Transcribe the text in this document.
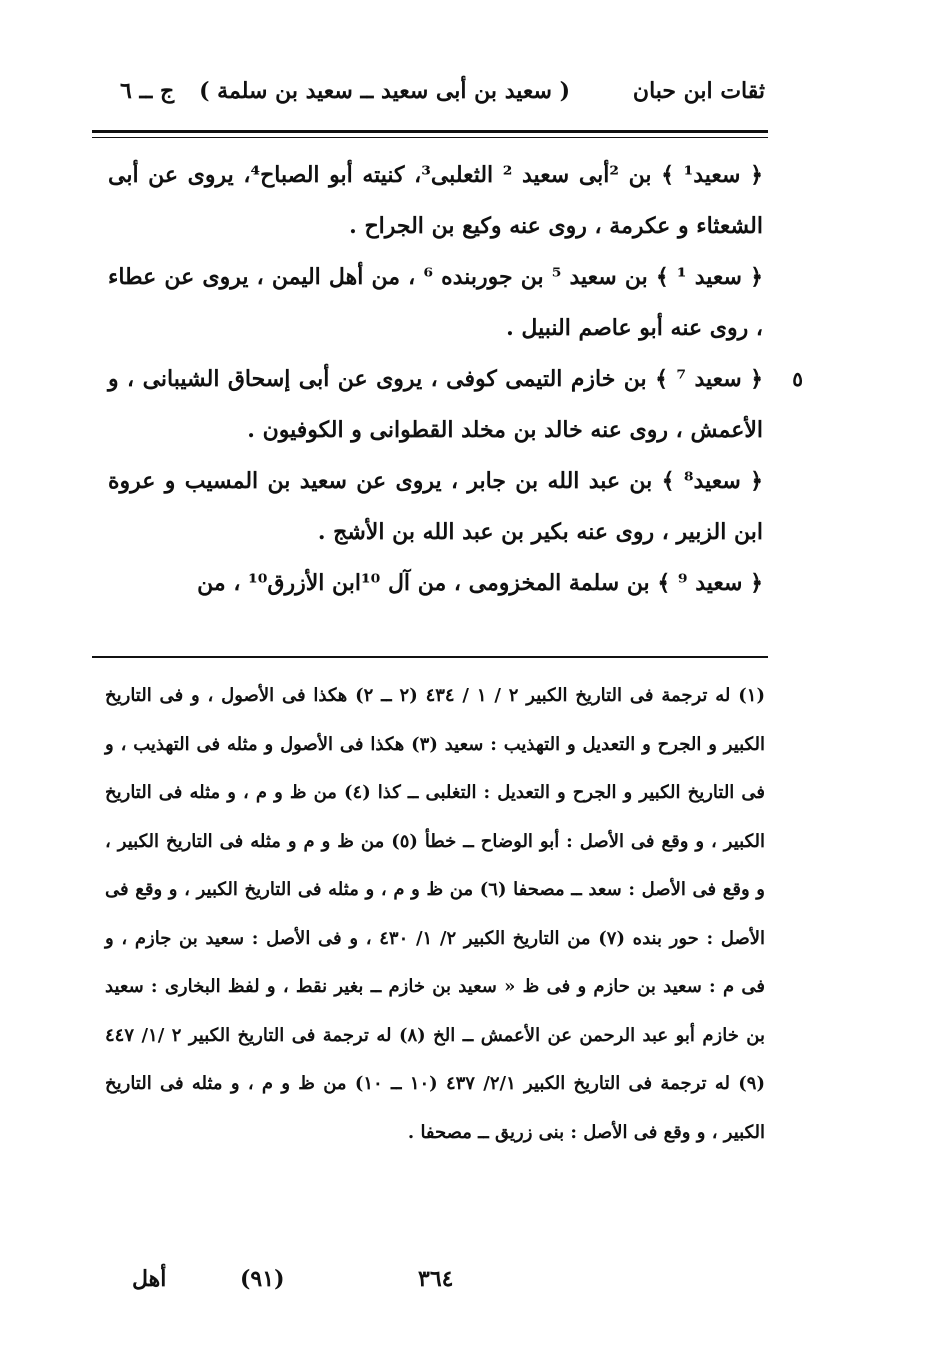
ثقات ابن حبان
( سعيد بن أبى سعيد ــ سعيد بن سلمة )
ج ــ ٦

﴿ سعيد¹ ﴾ بن ²أبى سعيد ² الثعلبى³، كنيته أبو الصباح⁴، يروى عن أبى الشعثاء و عكرمة ، روى عنه وكيع بن الجراح .

﴿ سعيد ¹ ﴾ بن سعيد ⁵ بن جوربنده ⁶ ، من أهل اليمن ، يروى عن عطاء ، روى عنه أبو عاصم النبيل .

٥
﴿ سعيد ⁷ ﴾ بن خازم التيمى كوفى ، يروى عن أبى إسحاق الشيبانى ، و الأعمش ، روى عنه خالد بن مخلد القطوانى و الكوفيون .

﴿ سعيد⁸ ﴾ بن عبد الله بن جابر ، يروى عن سعيد بن المسيب و عروة ابن الزبير ، روى عنه بكير بن عبد الله بن الأشج .

﴿ سعيد ⁹ ﴾ بن سلمة المخزومى ، من آل ¹⁰ابن الأزرق¹⁰ ، من

(١) له ترجمة فى التاريخ الكبير ٢ / ١ / ٤٣٤ (٢ ــ ٢) هكذا فى الأصول ، و فى التاريخ الكبير و الجرح و التعديل و التهذيب : سعيد (٣) هكذا فى الأصول و مثله فى التهذيب ، و فى التاريخ الكبير و الجرح و التعديل : التغلبى ــ كذا (٤) من ظ و م ، و مثله فى التاريخ الكبير ، و وقع فى الأصل : أبو الوضاح ــ خطأ (٥) من ظ و م و مثله فى التاريخ الكبير ، و وقع فى الأصل : سعد ــ مصحفا (٦) من ظ و م ، و مثله فى التاريخ الكبير ، و وقع فى الأصل : حور بنده (٧) من التاريخ الكبير ٢/ ١/ ٤٣٠ ، و فى الأصل : سعيد بن جازم ، و فى م : سعيد بن حازم و فى ظ « سعيد بن خازم ــ بغير نقط ، و لفظ البخارى : سعيد بن خازم أبو عبد الرحمن عن الأعمش ــ الخ (٨) له ترجمة فى التاريخ الكبير ٢ /١/ ٤٤٧ (٩) له ترجمة فى التاريخ الكبير ٢/١/ ٤٣٧ (١٠ ــ ١٠) من ظ و م ، و مثله فى التاريخ الكبير ، و وقع فى الأصل : بنى زريق ــ مصحفا .

٣٦٤
(٩١)
أهل
